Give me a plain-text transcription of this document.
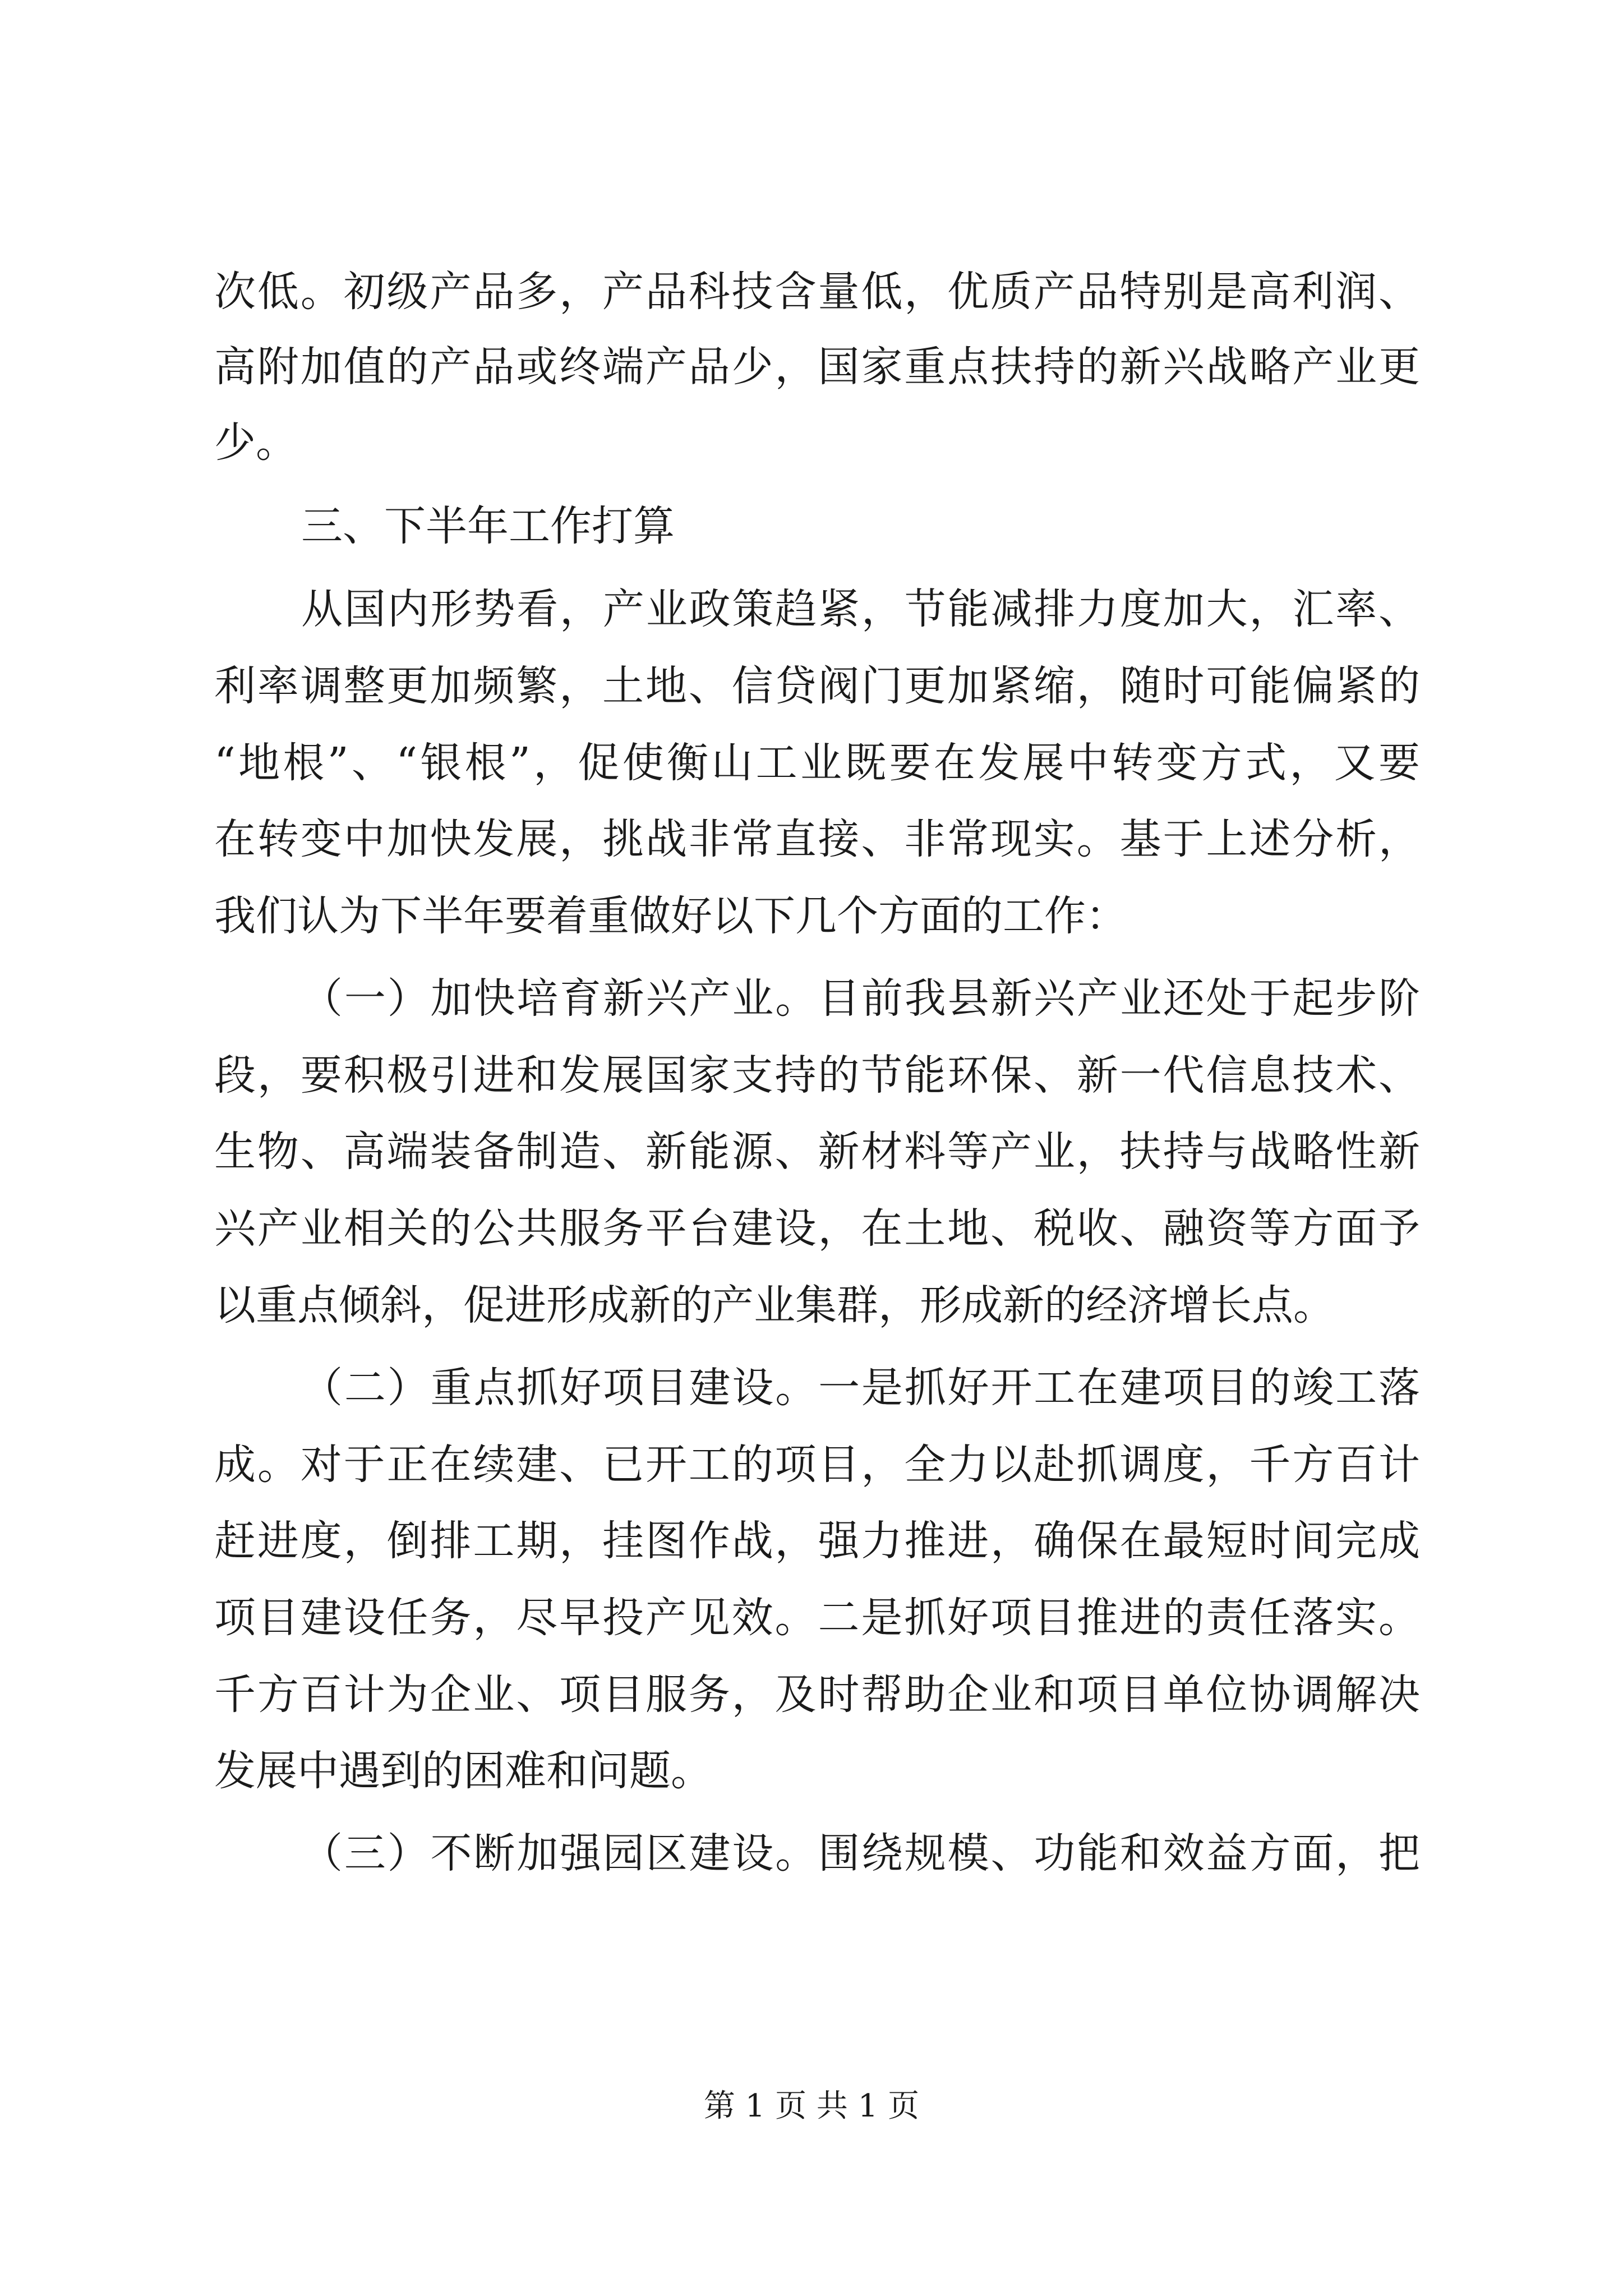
次低。初级产品多，产品科技含量低，优质产品特别是高利润、
高附加值的产品或终端产品少，国家重点扶持的新兴战略产业更
少。
三、下半年工作打算
从国内形势看，产业政策趋紧，节能减排力度加大，汇率、
利率调整更加频繁，土地、信贷阀门更加紧缩，随时可能偏紧的
“地根”、“银根”，促使衡山工业既要在发展中转变方式，又要
在转变中加快发展，挑战非常直接、非常现实。基于上述分析，
我们认为下半年要着重做好以下几个方面的工作：
（一）加快培育新兴产业。目前我县新兴产业还处于起步阶
段，要积极引进和发展国家支持的节能环保、新一代信息技术、
生物、高端装备制造、新能源、新材料等产业，扶持与战略性新
兴产业相关的公共服务平台建设，在土地、税收、融资等方面予
以重点倾斜，促进形成新的产业集群，形成新的经济增长点。
（二）重点抓好项目建设。一是抓好开工在建项目的竣工落
成。对于正在续建、已开工的项目，全力以赴抓调度，千方百计
赶进度，倒排工期，挂图作战，强力推进，确保在最短时间完成
项目建设任务，尽早投产见效。二是抓好项目推进的责任落实。
千方百计为企业、项目服务，及时帮助企业和项目单位协调解决
发展中遇到的困难和问题。
（三）不断加强园区建设。围绕规模、功能和效益方面，把
第 1 页 共 1 页
